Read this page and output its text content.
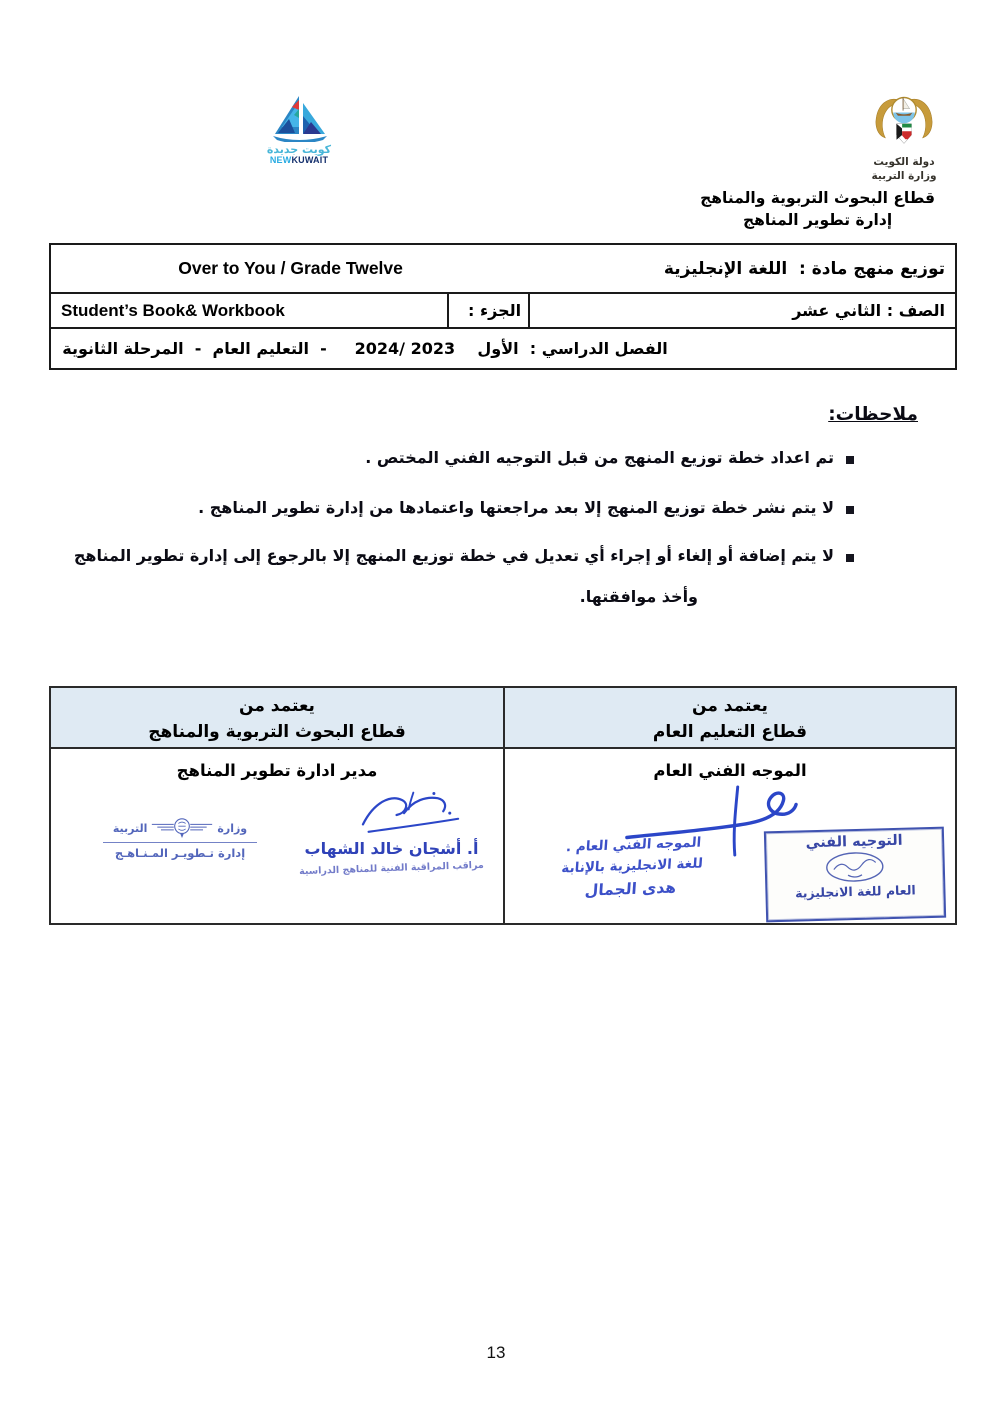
كويت جديدة
NEWKUWAIT	دولة الكويت
وزارة التربية
قطاع البحوث التربوية والمناهج
إدارة تطوير المناهج
توزيع منهج مادة :  اللغة الإنجليزية
Over to You / Grade Twelve
الصف : الثاني عشر
الجزء :
Student’s Book& Workbook
الفصل الدراسي :  الأول    2023 /2024     -  التعليم العام  -  المرحلة الثانوية
ملاحظات:
تم اعداد خطة توزيع المنهج من قبل التوجيه الفني المختص .
لا يتم نشر خطة توزيع المنهج إلا بعد مراجعتها واعتمادها من إدارة تطوير المناهج .
لا يتم إضافة أو إلغاء أو إجراء أي تعديل في خطة توزيع المنهج إلا بالرجوع إلى إدارة تطوير المناهج
وأخذ موافقتها.
يعتمد من
قطاع التعليم العام
الموجه الفني العام
الموجه الفني العام .
للغة الانجليزية بالإنابة
هدى الجمال
التوجيه الفني
العام للغة الانجليزية
يعتمد من
قطاع البحوث التربوية والمناهج
مدير ادارة تطوير المناهج
أ. أشجان خالد الشهاب
مراقب المراقبة الفنية للمناهج الدراسية
وزارة
التربية
إدارة تـطويـر المـنـاهـج
13
